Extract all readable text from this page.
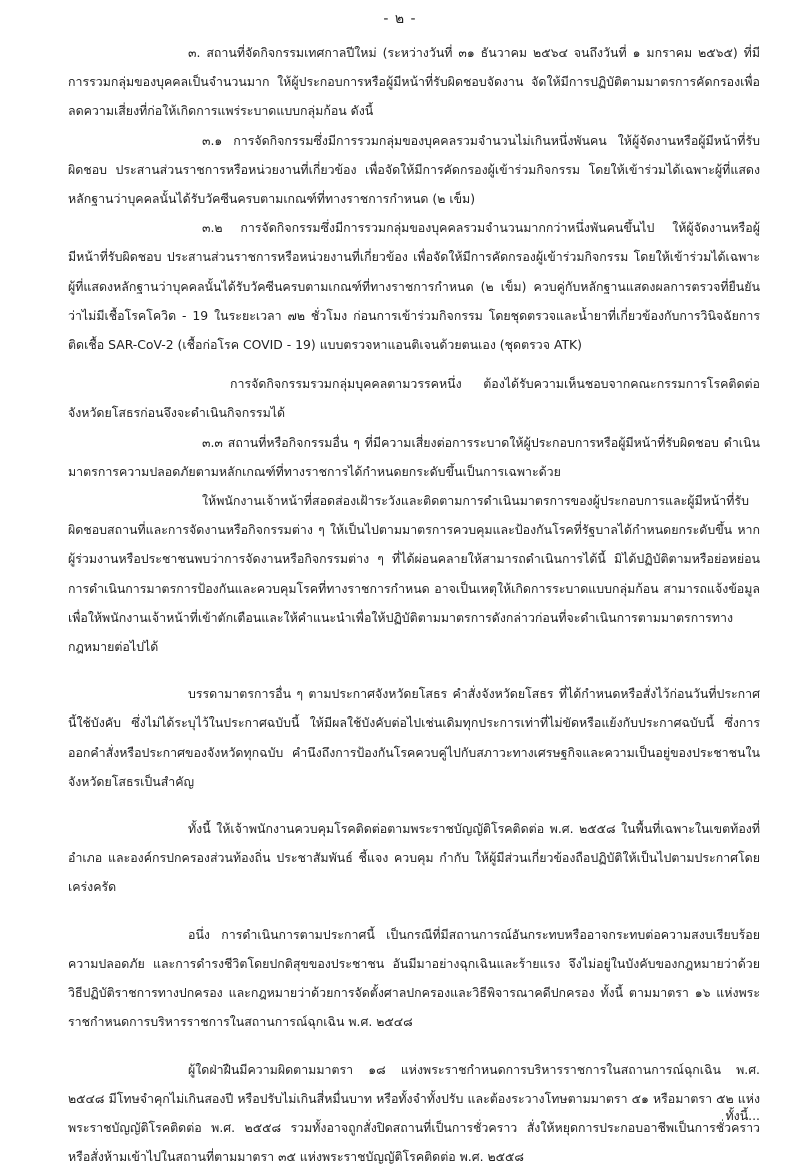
- ๒ -

๓. สถานที่จัดกิจกรรมเทศกาลปีใหม่ (ระหว่างวันที่ ๓๑ ธันวาคม ๒๕๖๔ จนถึงวันที่ ๑ มกราคม ๒๕๖๕) ที่มีการรวมกลุ่มของบุคคลเป็นจำนวนมาก ให้ผู้ประกอบการหรือผู้มีหน้าที่รับผิดชอบจัดงาน จัดให้มีการปฏิบัติตามมาตรการคัดกรองเพื่อลดความเสี่ยงที่ก่อให้เกิดการแพร่ระบาดแบบกลุ่มก้อน ดังนี้

๓.๑ การจัดกิจกรรมซึ่งมีการรวมกลุ่มของบุคคลรวมจำนวนไม่เกินหนึ่งพันคน ให้ผู้จัดงานหรือผู้มีหน้าที่รับผิดชอบ ประสานส่วนราชการหรือหน่วยงานที่เกี่ยวข้อง เพื่อจัดให้มีการคัดกรองผู้เข้าร่วมกิจกรรม โดยให้เข้าร่วมได้เฉพาะผู้ที่แสดงหลักฐานว่าบุคคลนั้นได้รับวัคซีนครบตามเกณฑ์ที่ทางราชการกำหนด (๒ เข็ม)

๓.๒ การจัดกิจกรรมซึ่งมีการรวมกลุ่มของบุคคลรวมจำนวนมากกว่าหนึ่งพันคนขึ้นไป ให้ผู้จัดงานหรือผู้มีหน้าที่รับผิดชอบ ประสานส่วนราชการหรือหน่วยงานที่เกี่ยวข้อง เพื่อจัดให้มีการคัดกรองผู้เข้าร่วมกิจกรรม โดยให้เข้าร่วมได้เฉพาะผู้ที่แสดงหลักฐานว่าบุคคลนั้นได้รับวัคซีนครบตามเกณฑ์ที่ทางราชการกำหนด (๒ เข็ม) ควบคู่กับหลักฐานแสดงผลการตรวจที่ยืนยันว่าไม่มีเชื้อโรคโควิด - 19 ในระยะเวลา ๗๒ ชั่วโมง ก่อนการเข้าร่วมกิจกรรม โดยชุดตรวจและน้ำยาที่เกี่ยวข้องกับการวินิจฉัยการติดเชื้อ SAR-CoV-2 (เชื้อก่อโรค COVID - 19) แบบตรวจหาแอนติเจนด้วยตนเอง (ชุดตรวจ ATK)

การจัดกิจกรรมรวมกลุ่มบุคคลตามวรรคหนึ่ง ต้องได้รับความเห็นชอบจากคณะกรรมการโรคติดต่อจังหวัดยโสธรก่อนจึงจะดำเนินกิจกรรมได้

๓.๓ สถานที่หรือกิจกรรมอื่น ๆ ที่มีความเสี่ยงต่อการระบาดให้ผู้ประกอบการหรือผู้มีหน้าที่รับผิดชอบ ดำเนินมาตรการความปลอดภัยตามหลักเกณฑ์ที่ทางราชการได้กำหนดยกระดับขึ้นเป็นการเฉพาะด้วย

ให้พนักงานเจ้าหน้าที่สอดส่องเฝ้าระวังและติดตามการดำเนินมาตรการของผู้ประกอบการและผู้มีหน้าที่รับผิดชอบสถานที่และการจัดงานหรือกิจกรรมต่าง ๆ ให้เป็นไปตามมาตรการควบคุมและป้องกันโรคที่รัฐบาลได้กำหนดยกระดับขึ้น หากผู้ร่วมงานหรือประชาชนพบว่าการจัดงานหรือกิจกรรมต่าง ๆ ที่ได้ผ่อนคลายให้สามารถดำเนินการได้นี้ มิได้ปฏิบัติตามหรือย่อหย่อนการดำเนินการมาตรการป้องกันและควบคุมโรคที่ทางราชการกำหนด อาจเป็นเหตุให้เกิดการระบาดแบบกลุ่มก้อน สามารถแจ้งข้อมูลเพื่อให้พนักงานเจ้าหน้าที่เข้าตักเตือนและให้คำแนะนำเพื่อให้ปฏิบัติตามมาตรการดังกล่าวก่อนที่จะดำเนินการตามมาตรการทางกฎหมายต่อไปได้

บรรดามาตรการอื่น ๆ ตามประกาศจังหวัดยโสธร คำสั่งจังหวัดยโสธร ที่ได้กำหนดหรือสั่งไว้ก่อนวันที่ประกาศนี้ใช้บังคับ ซึ่งไม่ได้ระบุไว้ในประกาศฉบับนี้ ให้มีผลใช้บังคับต่อไปเช่นเดิมทุกประการเท่าที่ไม่ขัดหรือแย้งกับประกาศฉบับนี้ ซึ่งการออกคำสั่งหรือประกาศของจังหวัดทุกฉบับ คำนึงถึงการป้องกันโรคควบคู่ไปกับสภาวะทางเศรษฐกิจและความเป็นอยู่ของประชาชนในจังหวัดยโสธรเป็นสำคัญ

ทั้งนี้ ให้เจ้าพนักงานควบคุมโรคติดต่อตามพระราชบัญญัติโรคติดต่อ พ.ศ. ๒๕๕๘ ในพื้นที่เฉพาะในเขตท้องที่อำเภอ และองค์กรปกครองส่วนท้องถิ่น ประชาสัมพันธ์ ชี้แจง ควบคุม กำกับ ให้ผู้มีส่วนเกี่ยวข้องถือปฏิบัติให้เป็นไปตามประกาศโดยเคร่งครัด

อนึ่ง การดำเนินการตามประกาศนี้ เป็นกรณีที่มีสถานการณ์อันกระทบหรืออาจกระทบต่อความสงบเรียบร้อย ความปลอดภัย และการดำรงชีวิตโดยปกติสุขของประชาชน อันมีมาอย่างฉุกเฉินและร้ายแรง จึงไม่อยู่ในบังคับของกฎหมายว่าด้วยวิธีปฏิบัติราชการทางปกครอง และกฎหมายว่าด้วยการจัดตั้งศาลปกครองและวิธีพิจารณาคดีปกครอง ทั้งนี้ ตามมาตรา ๑๖ แห่งพระราชกำหนดการบริหารราชการในสถานการณ์ฉุกเฉิน พ.ศ. ๒๕๔๘

ผู้ใดฝ่าฝืนมีความผิดตามมาตรา ๑๘ แห่งพระราชกำหนดการบริหารราชการในสถานการณ์ฉุกเฉิน พ.ศ. ๒๕๔๘ มีโทษจำคุกไม่เกินสองปี หรือปรับไม่เกินสี่หมื่นบาท หรือทั้งจำทั้งปรับ และต้องระวางโทษตามมาตรา ๕๑ หรือมาตรา ๕๒ แห่งพระราชบัญญัติโรคติดต่อ พ.ศ. ๒๕๕๘ รวมทั้งอาจถูกสั่งปิดสถานที่เป็นการชั่วคราว สั่งให้หยุดการประกอบอาชีพเป็นการชั่วคราว หรือสั่งห้ามเข้าไปในสถานที่ตามมาตรา ๓๕ แห่งพระราชบัญญัติโรคติดต่อ พ.ศ. ๒๕๕๘

ทั้งนี้...
